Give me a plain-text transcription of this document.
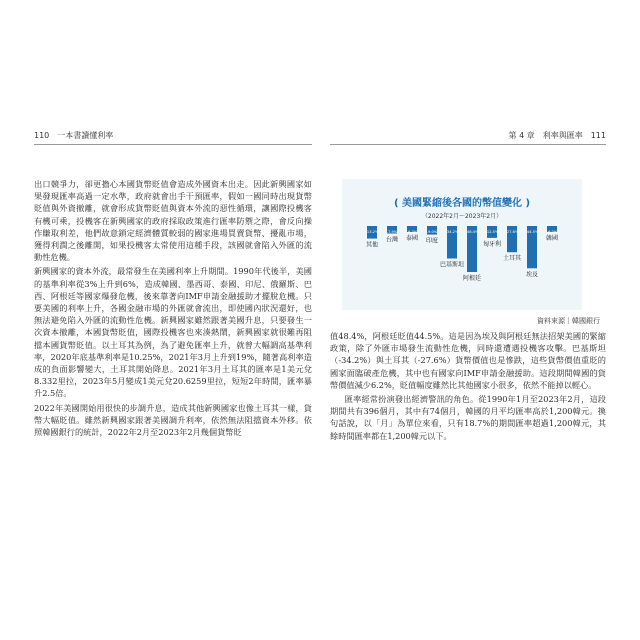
110　一本書讀懂利率	第 4 章　利率與匯率　111

出口競爭力，卻更擔心本國貨幣貶值會造成外國資本出走。因此新興國家如果發現匯率高過一定水準，政府就會出手干預匯率，假如一國同時出現貨幣貶值與外資撤離，就會形成貨幣貶值與資本外流的惡性循環，讓國際投機客有機可乘，投機客在新興國家的政府採取政策進行匯率防禦之際，會反向操作賺取利差，他們故意鎖定經濟體質較弱的國家進場買賣貨幣、擾亂市場，獲得利潤之後離開，如果投機客太常使用這種手段，該國就會陷入外匯的流動性危機。

新興國家的資本外流，最常發生在美國利率上升期間。1990年代後半，美國的基準利率從3%上升到6%，造成韓國、墨西哥、泰國、印尼、俄羅斯、巴西、阿根廷等國家爆發危機，後來靠著向IMF申請金融援助才擺脫危機。只要美國的利率上升，各國金融市場的外匯就會流出，即使國內狀況還好，也無法避免陷入外匯的流動性危機。新興國家雖然跟著美國升息，只要發生一次資本撤離，本國貨幣貶值，國際投機客也來湊熱鬧，新興國家就很難再阻擋本國貨幣貶值。以土耳其為例，為了避免匯率上升，就曾大幅調高基準利率，2020年底基準利率是10.25%，2021年3月上升到19%，隨著高利率造成的負面影響變大，土耳其開始降息。2021年3月土耳其的匯率是1美元兌8.332里拉，2023年5月變成1美元兌20.6259里拉，短短2年時間，匯率暴升2.5倍。

2022年美國開始用很快的步調升息，造成其他新興國家也像土耳其一樣，貨幣大幅貶值。雖然新興國家跟著美國調升利率，依然無法阻擋資本外移。依照韓國銀行的統計，2022年2月至2023年2月幾個貨幣貶

( 美國緊縮後各國的幣值變化 )
（2022年2月～2023年2月）
-13.2%
其他
-7.9%
台灣
-6.3%
泰國
-9.0%
印度
-34.2%
巴基斯坦
-48.4%
阿根廷
-12.5%
匈牙利
-27.6%
土耳其
-44.5%
埃及
-6.2%
韓國
資料來源｜韓國銀行

值48.4%，阿根廷貶值44.5%。這是因為埃及與阿根廷無法招架美國的緊縮政策，除了外匯市場發生流動性危機，同時還遭遇投機客攻擊。巴基斯坦（-34.2%）與土耳其（-27.6%）貨幣價值也是慘跌，這些貨幣價值重貶的國家面臨破產危機，其中也有國家向IMF申請金融援助。這段期間韓國的貨幣價值減少6.2%，貶值幅度雖然比其他國家小很多，依然不能掉以輕心。

匯率經常扮演發出經濟警訊的角色。從1990年1月至2023年2月，這段期間共有396個月，其中有74個月，韓國的月平均匯率高於1,200韓元。換句話說，以「月」為單位來看，只有18.7%的期間匯率超過1,200韓元，其餘時間匯率都在1,200韓元以下。
